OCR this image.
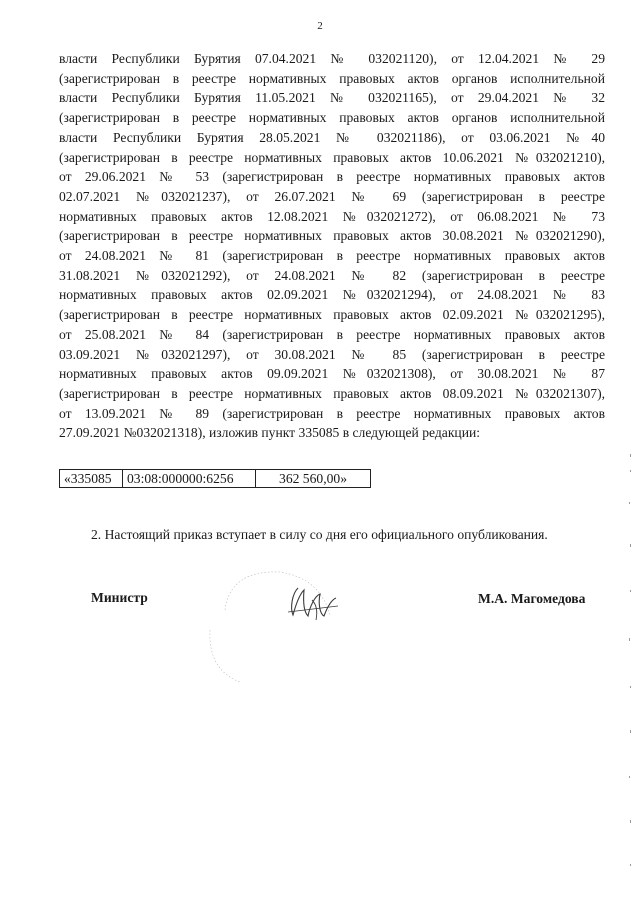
2

власти Республики Бурятия 07.04.2021 № 032021120), от 12.04.2021 № 29
(зарегистрирован в реестре нормативных правовых актов органов исполнительной
власти Республики Бурятия 11.05.2021 № 032021165), от 29.04.2021 № 32
(зарегистрирован в реестре нормативных правовых актов органов исполнительной
власти Республики Бурятия 28.05.2021 № 032021186), от 03.06.2021 №40
(зарегистрирован в реестре нормативных правовых актов 10.06.2021 №032021210),
от 29.06.2021 № 53 (зарегистрирован в реестре нормативных правовых актов
02.07.2021 №032021237), от 26.07.2021 № 69 (зарегистрирован в реестре
нормативных правовых актов 12.08.2021 №032021272), от 06.08.2021 № 73
(зарегистрирован в реестре нормативных правовых актов 30.08.2021 №032021290),
от 24.08.2021 № 81 (зарегистрирован в реестре нормативных правовых актов
31.08.2021 №032021292), от 24.08.2021 № 82 (зарегистрирован в реестре
нормативных правовых актов 02.09.2021 №032021294), от 24.08.2021 № 83
(зарегистрирован в реестре нормативных правовых актов 02.09.2021 №032021295),
от 25.08.2021 № 84 (зарегистрирован в реестре нормативных правовых актов
03.09.2021 №032021297), от 30.08.2021 № 85 (зарегистрирован в реестре
нормативных правовых актов 09.09.2021 №032021308), от 30.08.2021 № 87
(зарегистрирован в реестре нормативных правовых актов 08.09.2021 №032021307),
от 13.09.2021 № 89 (зарегистрирован в реестре нормативных правовых актов
27.09.2021 №032021318), изложив пункт 335085 в следующей редакции:

«335085	03:08:000000:6256	362 560,00»

2. Настоящий приказ вступает в силу со дня его официального опубликования.

Министр	М.А. Магомедова
